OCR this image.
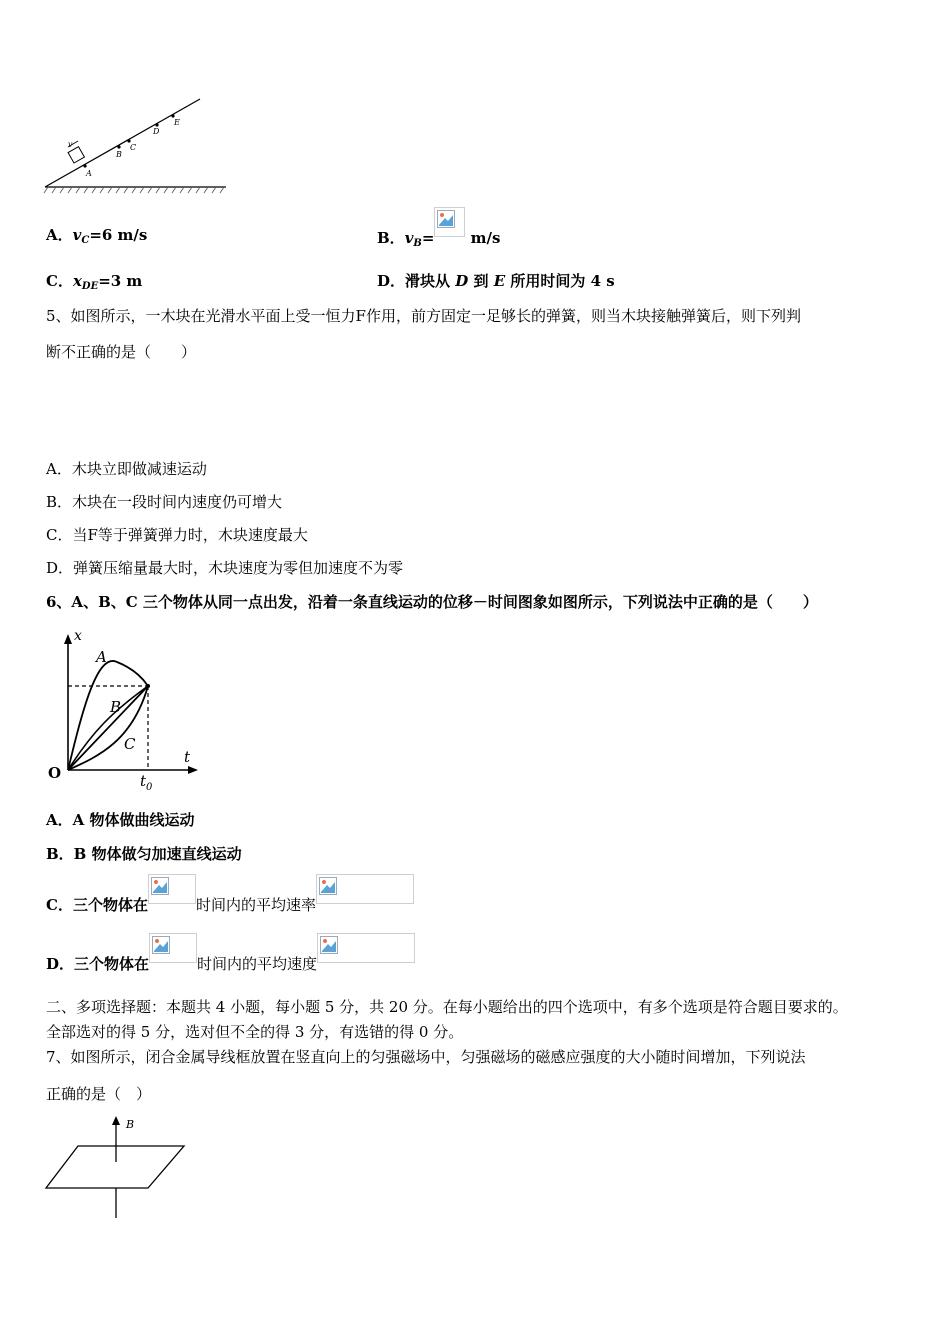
v
A
B
C
D
E
A．$v_C=6$ m/s	B．$v_B=$
m/s
C．$x_{DE}=3$ m	D．滑块从 D 到 E 所用时间为 4 s
5、如图所示，一木块在光滑水平面上受一恒力F作用，前方固定一足够长的弹簧，则当木块接触弹簧后，则下列判
断不正确的是（　　）
A．木块立即做减速运动
B．木块在一段时间内速度仍可增大
C．当F等于弹簧弹力时，木块速度最大
D．弹簧压缩量最大时，木块速度为零但加速度不为零
6、A、B、C 三个物体从同一点出发，沿着一条直线运动的位移－时间图象如图所示，下列说法中正确的是（　　）
x
t
O	$t_0$
A
B
C
A．A 物体做曲线运动
B．B 物体做匀加速直线运动
C．三个物体在	时间内的平均速率
D．三个物体在	时间内的平均速度
二、多项选择题：本题共 4 小题，每小题 5 分，共 20 分。在每小题给出的四个选项中，有多个选项是符合题目要求的。
全部选对的得 5 分，选对但不全的得 3 分，有选错的得 0 分。
7、如图所示，闭合金属导线框放置在竖直向上的匀强磁场中，匀强磁场的磁感应强度的大小随时间增加，下列说法
正确的是（　）
B
